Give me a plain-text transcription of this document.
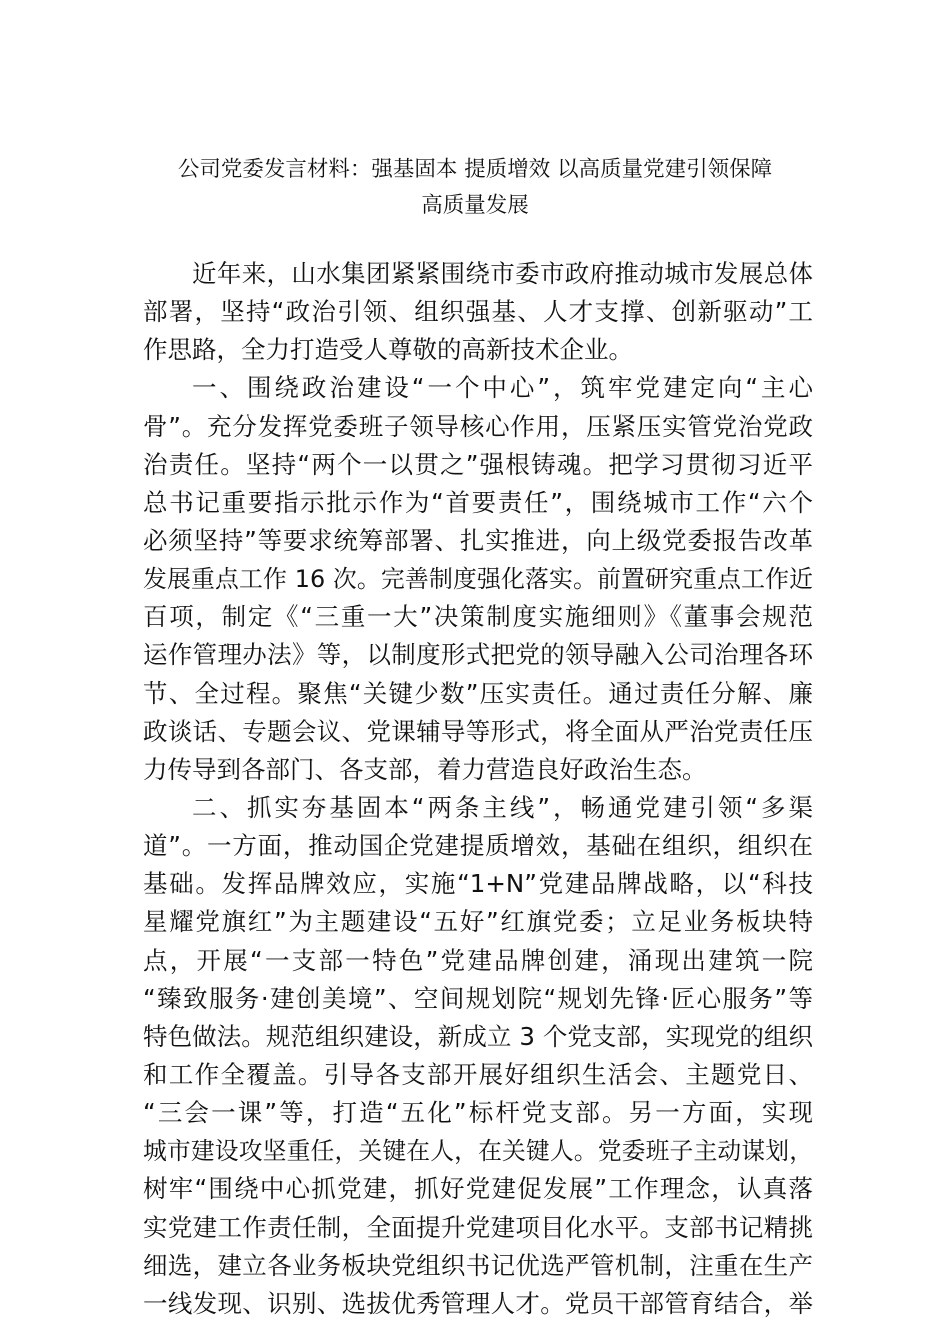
公司党委发言材料：强基固本 提质增效 以高质量党建引领保障
高质量发展
近年来，山水集团紧紧围绕市委市政府推动城市发展总体
部署，坚持“政治引领、组织强基、人才支撑、创新驱动”工
作思路，全力打造受人尊敬的高新技术企业。
一、围绕政治建设“一个中心”，筑牢党建定向“主心
骨”。充分发挥党委班子领导核心作用，压紧压实管党治党政
治责任。坚持“两个一以贯之”强根铸魂。把学习贯彻习近平
总书记重要指示批示作为“首要责任”，围绕城市工作“六个
必须坚持”等要求统筹部署、扎实推进，向上级党委报告改革
发展重点工作 16 次。完善制度强化落实。前置研究重点工作近
百项，制定《“三重一大”决策制度实施细则》《董事会规范
运作管理办法》等，以制度形式把党的领导融入公司治理各环
节、全过程。聚焦“关键少数”压实责任。通过责任分解、廉
政谈话、专题会议、党课辅导等形式，将全面从严治党责任压
力传导到各部门、各支部，着力营造良好政治生态。
二、抓实夯基固本“两条主线”，畅通党建引领“多渠
道”。一方面，推动国企党建提质增效，基础在组织，组织在
基础。发挥品牌效应，实施“1+N”党建品牌战略，以“科技
星耀党旗红”为主题建设“五好”红旗党委；立足业务板块特
点，开展“一支部一特色”党建品牌创建，涌现出建筑一院
“臻致服务·建创美境”、空间规划院“规划先锋·匠心服务”等
特色做法。规范组织建设，新成立 3 个党支部，实现党的组织
和工作全覆盖。引导各支部开展好组织生活会、主题党日、
“三会一课”等，打造“五化”标杆党支部。另一方面，实现
城市建设攻坚重任，关键在人，在关键人。党委班子主动谋划，
树牢“围绕中心抓党建，抓好党建促发展”工作理念，认真落
实党建工作责任制，全面提升党建项目化水平。支部书记精挑
细选，建立各业务板块党组织书记优选严管机制，注重在生产
一线发现、识别、选拔优秀管理人才。党员干部管育结合，举
